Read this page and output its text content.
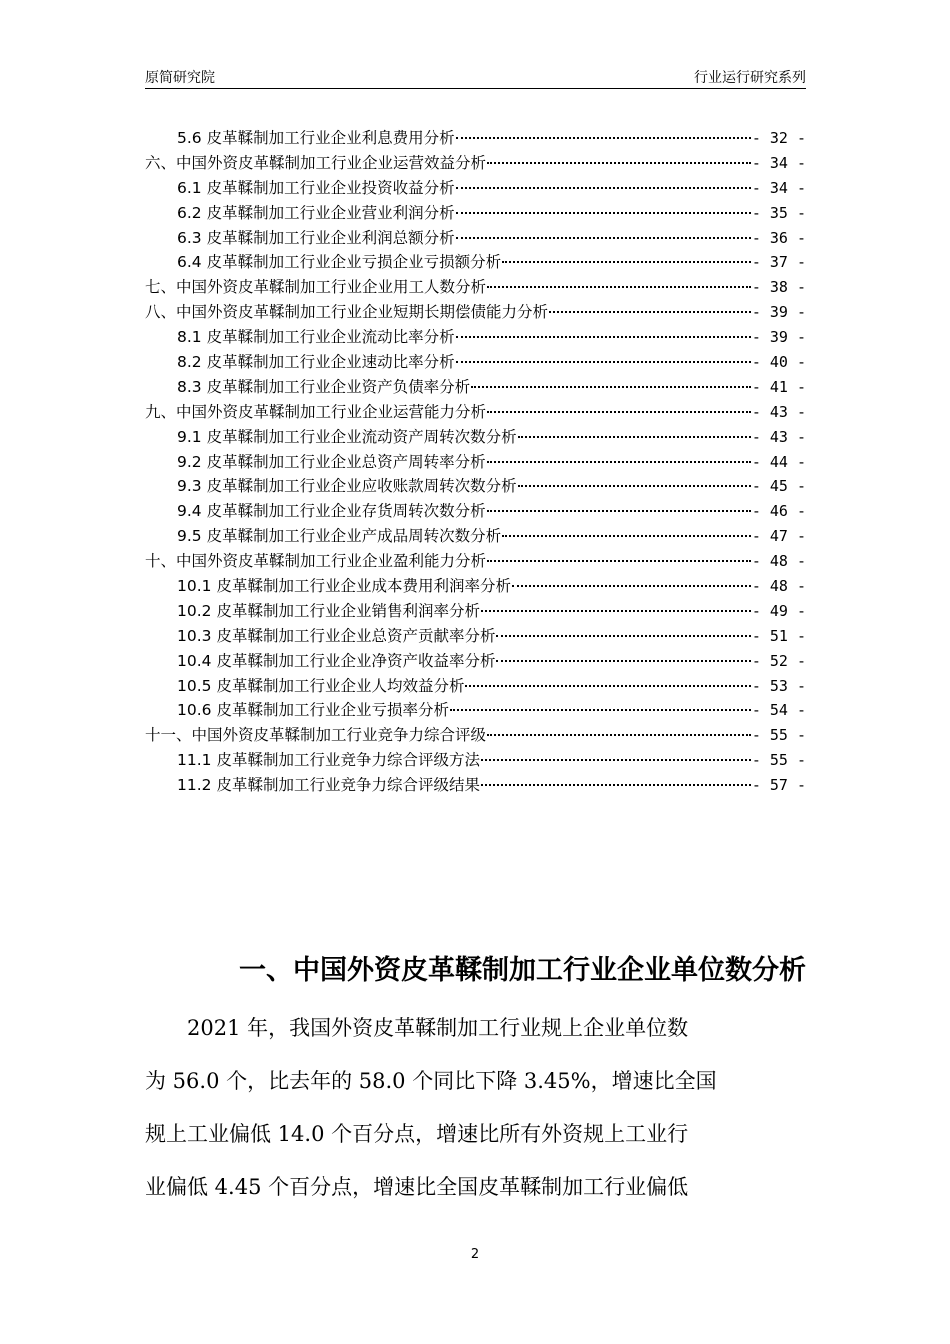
原简研究院	行业运行研究系列
5.6 皮革鞣制加工行业企业利息费用分析	- 32 -
六、中国外资皮革鞣制加工行业企业运营效益分析	- 34 -
6.1 皮革鞣制加工行业企业投资收益分析	- 34 -
6.2 皮革鞣制加工行业企业营业利润分析	- 35 -
6.3 皮革鞣制加工行业企业利润总额分析	- 36 -
6.4 皮革鞣制加工行业企业亏损企业亏损额分析	- 37 -
七、中国外资皮革鞣制加工行业企业用工人数分析	- 38 -
八、中国外资皮革鞣制加工行业企业短期长期偿债能力分析	- 39 -
8.1 皮革鞣制加工行业企业流动比率分析	- 39 -
8.2 皮革鞣制加工行业企业速动比率分析	- 40 -
8.3 皮革鞣制加工行业企业资产负债率分析	- 41 -
九、中国外资皮革鞣制加工行业企业运营能力分析	- 43 -
9.1 皮革鞣制加工行业企业流动资产周转次数分析	- 43 -
9.2 皮革鞣制加工行业企业总资产周转率分析	- 44 -
9.3 皮革鞣制加工行业企业应收账款周转次数分析	- 45 -
9.4 皮革鞣制加工行业企业存货周转次数分析	- 46 -
9.5 皮革鞣制加工行业企业产成品周转次数分析	- 47 -
十、中国外资皮革鞣制加工行业企业盈利能力分析	- 48 -
10.1 皮革鞣制加工行业企业成本费用利润率分析	- 48 -
10.2 皮革鞣制加工行业企业销售利润率分析	- 49 -
10.3 皮革鞣制加工行业企业总资产贡献率分析	- 51 -
10.4 皮革鞣制加工行业企业净资产收益率分析	- 52 -
10.5 皮革鞣制加工行业企业人均效益分析	- 53 -
10.6 皮革鞣制加工行业企业亏损率分析	- 54 -
十一、中国外资皮革鞣制加工行业竞争力综合评级	- 55 -
11.1 皮革鞣制加工行业竞争力综合评级方法	- 55 -
11.2 皮革鞣制加工行业竞争力综合评级结果	- 57 -
一、中国外资皮革鞣制加工行业企业单位数分析
2021 年，我国外资皮革鞣制加工行业规上企业单位数
为 56.0 个，比去年的 58.0 个同比下降 3.45%，增速比全国
规上工业偏低 14.0 个百分点，增速比所有外资规上工业行
业偏低 4.45 个百分点，增速比全国皮革鞣制加工行业偏低
2
